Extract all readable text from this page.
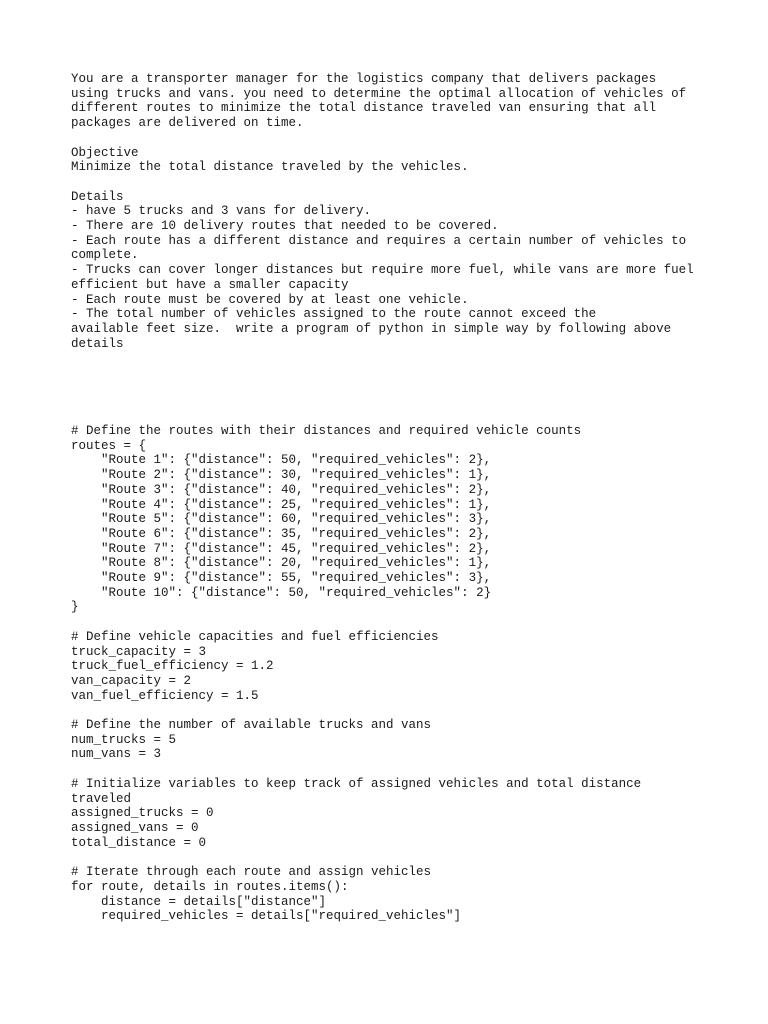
You are a transporter manager for the logistics company that delivers packages
using trucks and vans. you need to determine the optimal allocation of vehicles of
different routes to minimize the total distance traveled van ensuring that all
packages are delivered on time.

Objective
Minimize the total distance traveled by the vehicles.

Details
- have 5 trucks and 3 vans for delivery.
- There are 10 delivery routes that needed to be covered.
- Each route has a different distance and requires a certain number of vehicles to
complete.
- Trucks can cover longer distances but require more fuel, while vans are more fuel
efficient but have a smaller capacity
- Each route must be covered by at least one vehicle.
- The total number of vehicles assigned to the route cannot exceed the
available feet size.  write a program of python in simple way by following above
details
# Define the routes with their distances and required vehicle counts
routes = {
"Route 1": {"distance": 50, "required_vehicles": 2},
"Route 2": {"distance": 30, "required_vehicles": 1},
"Route 3": {"distance": 40, "required_vehicles": 2},
"Route 4": {"distance": 25, "required_vehicles": 1},
"Route 5": {"distance": 60, "required_vehicles": 3},
"Route 6": {"distance": 35, "required_vehicles": 2},
"Route 7": {"distance": 45, "required_vehicles": 2},
"Route 8": {"distance": 20, "required_vehicles": 1},
"Route 9": {"distance": 55, "required_vehicles": 3},
"Route 10": {"distance": 50, "required_vehicles": 2}
}

# Define vehicle capacities and fuel efficiencies
truck_capacity = 3
truck_fuel_efficiency = 1.2
van_capacity = 2
van_fuel_efficiency = 1.5

# Define the number of available trucks and vans
num_trucks = 5
num_vans = 3

# Initialize variables to keep track of assigned vehicles and total distance
traveled
assigned_trucks = 0
assigned_vans = 0
total_distance = 0

# Iterate through each route and assign vehicles
for route, details in routes.items():
distance = details["distance"]
required_vehicles = details["required_vehicles"]
